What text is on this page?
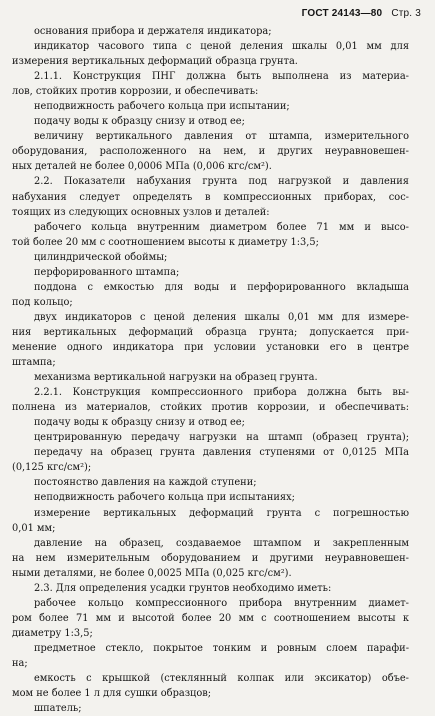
ГОСТ 24143—80 Стр. 3
основания прибора и держателя индикатора;
индикатор часового типа с ценой деления шкалы 0,01 мм для
измерения вертикальных деформаций образца грунта.
2.1.1. Конструкция ПНГ должна быть выполнена из материа-
лов, стойких против коррозии, и обеспечивать:
неподвижность рабочего кольца при испытании;
подачу воды к образцу снизу и отвод ее;
величину вертикального давления от штампа, измерительного
оборудования, расположенного на нем, и других неуравновешен-
ных деталей не более 0,0006 МПа (0,006 кгс/см²).
2.2. Показатели набухания грунта под нагрузкой и давления
набухания следует определять в компрессионных приборах, сос-
тоящих из следующих основных узлов и деталей:
рабочего кольца внутренним диаметром более 71 мм и высо-
той более 20 мм с соотношением высоты к диаметру 1:3,5;
цилиндрической обоймы;
перфорированного штампа;
поддона с емкостью для воды и перфорированного вкладыша
под кольцо;
двух индикаторов с ценой деления шкалы 0,01 мм для измере-
ния вертикальных деформаций образца грунта; допускается при-
менение одного индикатора при условии установки его в центре
штампа;
механизма вертикальной нагрузки на образец грунта.
2.2.1. Конструкция компрессионного прибора должна быть вы-
полнена из материалов, стойких против коррозии, и обеспечивать:
подачу воды к образцу снизу и отвод ее;
центрированную передачу нагрузки на штамп (образец грунта);
передачу на образец грунта давления ступенями от 0,0125 МПа
(0,125 кгс/см²);
постоянство давления на каждой ступени;
неподвижность рабочего кольца при испытаниях;
измерение вертикальных деформаций грунта с погрешностью
0,01 мм;
давление на образец, создаваемое штампом и закрепленным
на нем измерительным оборудованием и другими неуравновешен-
ными деталями, не более 0,0025 МПа (0,025 кгс/см²).
2.3. Для определения усадки грунтов необходимо иметь:
рабочее кольцо компрессионного прибора внутренним диамет-
ром более 71 мм и высотой более 20 мм с соотношением высоты к
диаметру 1:3,5;
предметное стекло, покрытое тонким и ровным слоем парафи-
на;
емкость с крышкой (стеклянный колпак или эксикатор) объе-
мом не более 1 л для сушки образцов;
шпатель;
